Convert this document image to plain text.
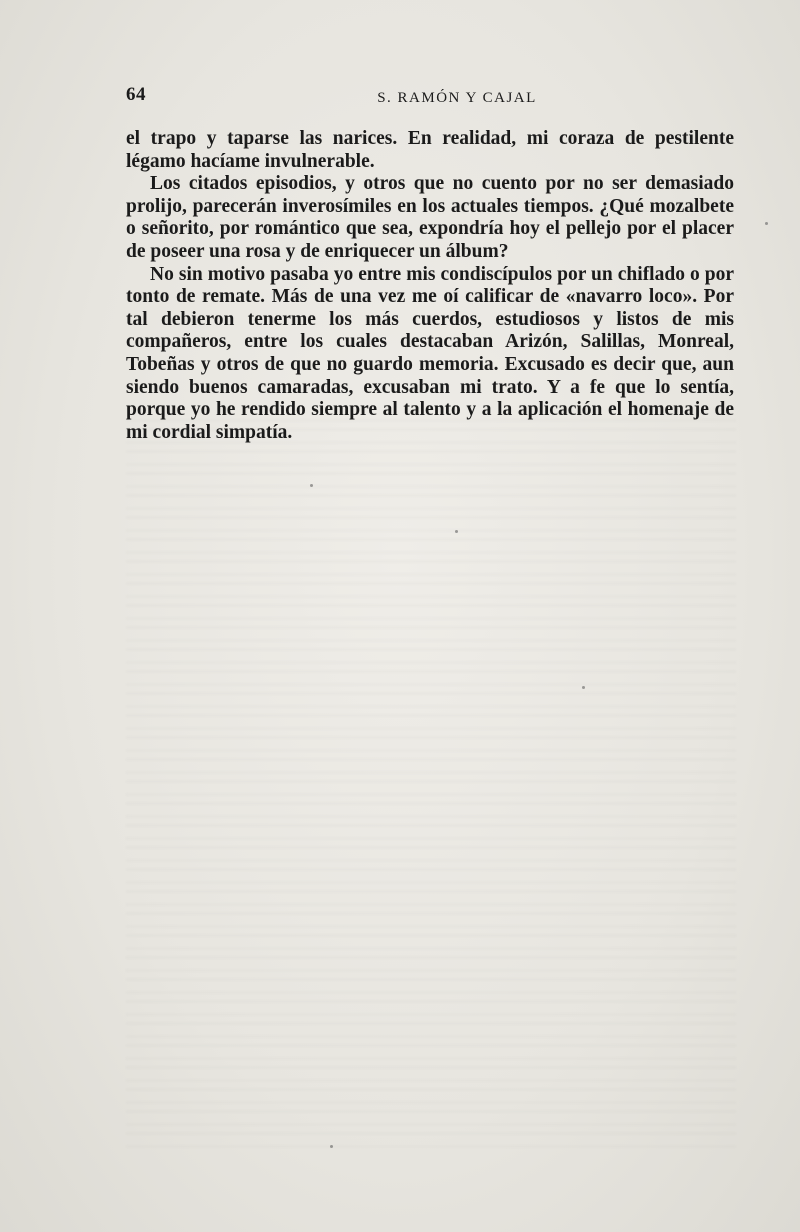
64	S. RAMÓN Y CAJAL

el trapo y taparse las narices. En realidad, mi coraza de pestilente légamo hacíame invulnerable.

Los citados episodios, y otros que no cuento por no ser demasiado prolijo, parecerán inverosímiles en los actuales tiempos. ¿Qué mozalbete o señorito, por romántico que sea, expondría hoy el pellejo por el placer de poseer una rosa y de enriquecer un álbum?

No sin motivo pasaba yo entre mis condiscípulos por un chiflado o por tonto de remate. Más de una vez me oí calificar de «navarro loco». Por tal debieron tenerme los más cuerdos, estudiosos y listos de mis compañeros, entre los cuales destacaban Arizón, Salillas, Monreal, Tobeñas y otros de que no guardo memoria. Excusado es decir que, aun siendo buenos camaradas, excusaban mi trato. Y a fe que lo sentía, porque yo he rendido siempre al talento y a la aplicación el homenaje de mi cordial simpatía.
